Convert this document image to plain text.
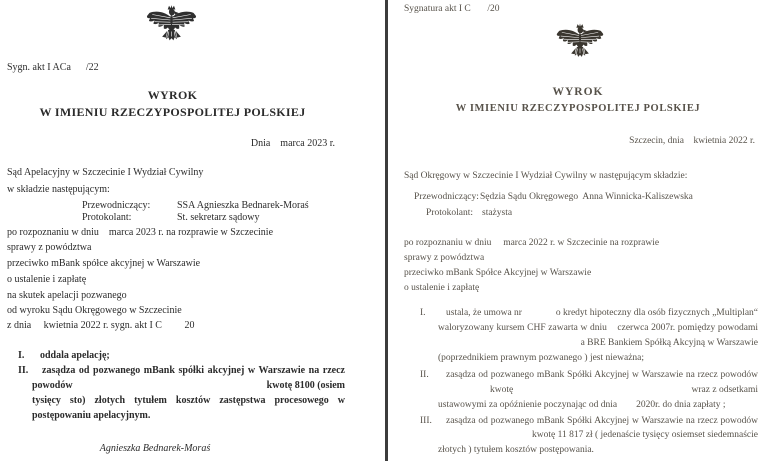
Sygn. akt I ACa      /22
WYROK
W IMIENIU RZECZYPOSPOLITEJ POLSKIEJ
Dnia    marca 2023 r.
Sąd Apelacyjny w Szczecinie I Wydział Cywilny
w składzie następującym:
Przewodniczący:	SSA Agnieszka Bednarek-Moraś
Protokolant:	St. sekretarz sądowy
po rozpoznaniu w dniu    marca 2023 r. na rozprawie w Szczecinie
sprawy z powództwa
przeciwko mBank spółce akcyjnej w Warszawie
o ustalenie i zapłatę
na skutek apelacji pozwanego
od wyroku Sądu Okręgowego w Szczecinie
z dnia     kwietnia 2022 r. sygn. akt I C         20
I. oddala apelację;
II. zasądza od pozwanego mBank spółki akcyjnej w Warszawie na rzecz
powodów	kwotę 8100 (osiem
tysięcy sto) złotych tytułem kosztów zastępstwa procesowego w
postępowaniu apelacyjnym.
Agnieszka Bednarek-Moraś
Sygnatura akt I C       /20
WYROK
W IMIENIU RZECZYPOSPOLITEJ POLSKIEJ
Szczecin, dnia    kwietnia 2022 r.
Sąd Okręgowy w Szczecinie I Wydział Cywilny w następującym składzie:
Przewodniczący: Sędzia Sądu Okręgowego  Anna Winnicka-Kaliszewska
Protokolant: stażysta
po rozpoznaniu w dniu     marca 2022 r. w Szczecinie na rozprawie
sprawy z powództwa
przeciwko mBank Spółce Akcyjnej w Warszawie
o ustalenie i zapłatę
I. ustala, że umowa nr	o kredyt hipoteczny dla osób fizycznych „Multiplan“
waloryzowany kursem CHF zawarta w dniu    czerwca 2007r. pomiędzy powodami
a BRE Bankiem Spółką Akcyjną w Warszawie
(poprzednikiem prawnym pozwanego ) jest nieważna;
II. zasądza od pozwanego mBank Spółki Akcyjnej w Warszawie na rzecz powodów
kwotę	wraz z odsetkami
ustawowymi za opóźnienie poczynając od dnia        2020r. do dnia zapłaty ;
III. zasądza od pozwanego mBank Spółki Akcyjnej w Warszawie na rzecz powodów
kwotę 11 817 zł ( jedenaście tysięcy osiemset siedemnaście
złotych ) tytułem kosztów postępowania.
